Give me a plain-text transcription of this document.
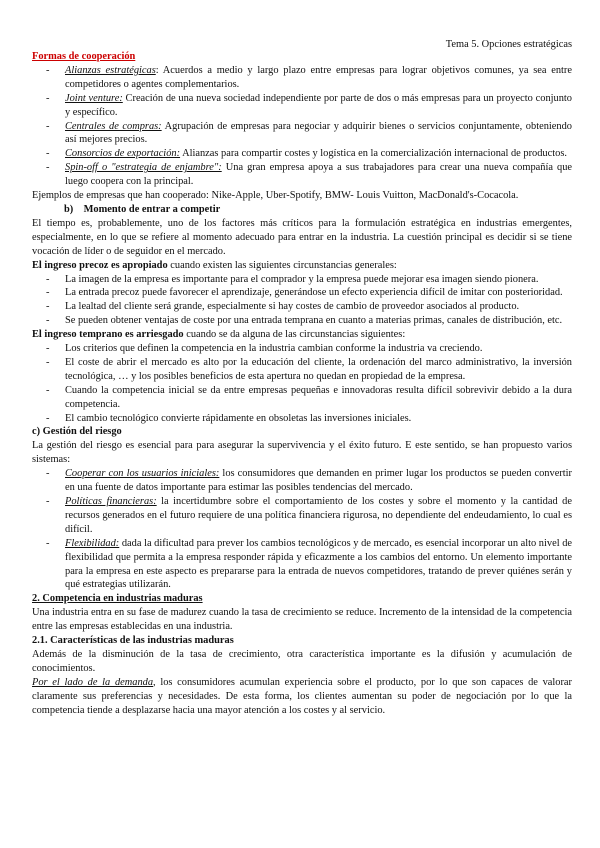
Tema 5. Opciones estratégicas
Formas de cooperación
- Alianzas estratégicas: Acuerdos a medio y largo plazo entre empresas para lograr objetivos comunes, ya sea entre competidores o agentes complementarios.
- Joint venture: Creación de una nueva sociedad independiente por parte de dos o más empresas para un proyecto conjunto y específico.
- Centrales de compras: Agrupación de empresas para negociar y adquirir bienes o servicios conjuntamente, obteniendo así mejores precios.
- Consorcios de exportación: Alianzas para compartir costes y logística en la comercialización internacional de productos.
- Spin-off o "estrategia de enjambre": Una gran empresa apoya a sus trabajadores para crear una nueva compañía que luego coopera con la principal.

Ejemplos de empresas que han cooperado: Nike-Apple, Uber-Spotify, BMW- Louis Vuitton, MacDonald's-Cocacola.

b)    Momento de entrar a competir

El tiempo es, probablemente, uno de los factores más críticos para la formulación estratégica en industrias emergentes, especialmente, en lo que se refiere al momento adecuado para entrar en la industria. La cuestión principal es decidir si se tiene vocación de líder o de seguidor en el mercado.

El ingreso precoz es apropiado cuando existen las siguientes circunstancias generales:

- La imagen de la empresa es importante para el comprador y la empresa puede mejorar esa imagen siendo pionera.
- La entrada precoz puede favorecer el aprendizaje, generándose un efecto experiencia difícil de imitar con posterioridad.
- La lealtad del cliente será grande, especialmente si hay costes de cambio de proveedor asociados al producto.
- Se pueden obtener ventajas de coste por una entrada temprana en cuanto a materias primas, canales de distribución, etc.

El ingreso temprano es arriesgado cuando se da alguna de las circunstancias siguientes:

- Los criterios que definen la competencia en la industria cambian conforme la industria va creciendo.
- El coste de abrir el mercado es alto por la educación del cliente, la ordenación del marco administrativo, la inversión tecnológica, … y los posibles beneficios de esta apertura no quedan en propiedad de la empresa.
- Cuando la competencia inicial se da entre empresas pequeñas e innovadoras resulta difícil sobrevivir debido a la dura competencia.
- El cambio tecnológico convierte rápidamente en obsoletas las inversiones iniciales.
c) Gestión del riesgo

La gestión del riesgo es esencial para para asegurar la supervivencia y el éxito futuro. E este sentido, se han propuesto varios sistemas:

- Cooperar con los usuarios iniciales: los consumidores que demanden en primer lugar los productos se pueden convertir en una fuente de datos importante para estimar las posibles tendencias del mercado.
- Políticas financieras: la incertidumbre sobre el comportamiento de los costes y sobre el momento y la cantidad de recursos generados en el futuro requiere de una política financiera rigurosa, no dependiente del endeudamiento, lo cual es difícil.
- Flexibilidad: dada la dificultad para prever los cambios tecnológicos y de mercado, es esencial incorporar un alto nivel de flexibilidad que permita a la empresa responder rápida y eficazmente a los cambios del entorno. Un elemento importante para la empresa en este aspecto es prepararse para la entrada de nuevos competidores, tratando de prever quiénes serán y qué estrategias utilizarán.
2. Competencia en industrias maduras

Una industria entra en su fase de madurez cuando la tasa de crecimiento se reduce. Incremento de la intensidad de la competencia entre las empresas establecidas en una industria.

2.1. Características de las industrias maduras

Además de la disminución de la tasa de crecimiento, otra característica importante es la difusión y acumulación de conocimientos.

Por el lado de la demanda, los consumidores acumulan experiencia sobre el producto, por lo que son capaces de valorar claramente sus preferencias y necesidades. De esta forma, los clientes aumentan su poder de negociación por lo que la competencia tiende a desplazarse hacia una mayor atención a los costes y al servicio.
